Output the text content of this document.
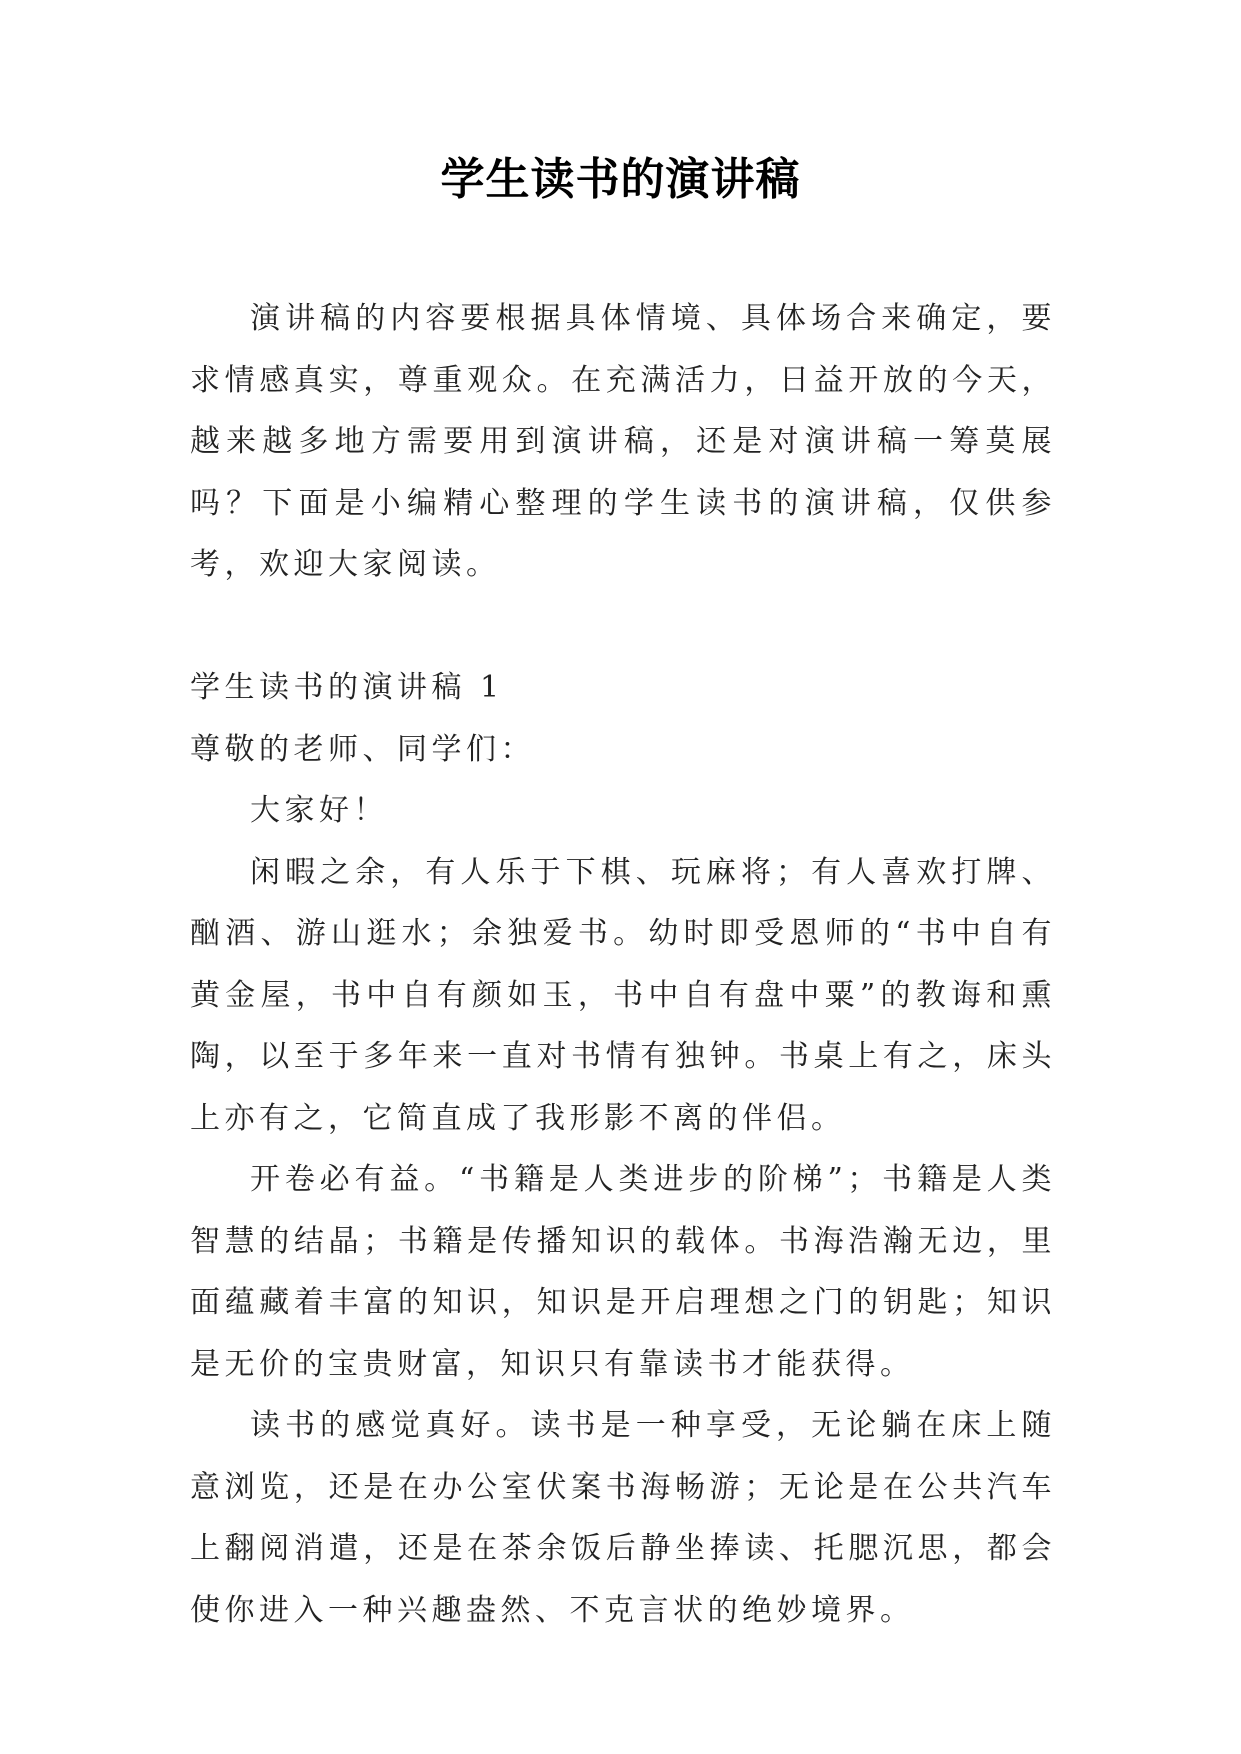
学生读书的演讲稿

演讲稿的内容要根据具体情境、具体场合来确定，要求情感真实，尊重观众。在充满活力，日益开放的今天，越来越多地方需要用到演讲稿，还是对演讲稿一筹莫展吗？下面是小编精心整理的学生读书的演讲稿，仅供参考，欢迎大家阅读。

学生读书的演讲稿 1

尊敬的老师、同学们：

大家好！

闲暇之余，有人乐于下棋、玩麻将；有人喜欢打牌、酗酒、游山逛水；余独爱书。幼时即受恩师的“书中自有黄金屋，书中自有颜如玉，书中自有盘中粟”的教诲和熏陶，以至于多年来一直对书情有独钟。书桌上有之，床头上亦有之，它简直成了我形影不离的伴侣。

开卷必有益。“书籍是人类进步的阶梯”；书籍是人类智慧的结晶；书籍是传播知识的载体。书海浩瀚无边，里面蕴藏着丰富的知识，知识是开启理想之门的钥匙；知识是无价的宝贵财富，知识只有靠读书才能获得。

读书的感觉真好。读书是一种享受，无论躺在床上随意浏览，还是在办公室伏案书海畅游；无论是在公共汽车上翻阅消遣，还是在茶余饭后静坐捧读、托腮沉思，都会使你进入一种兴趣盎然、不克言状的绝妙境界。
